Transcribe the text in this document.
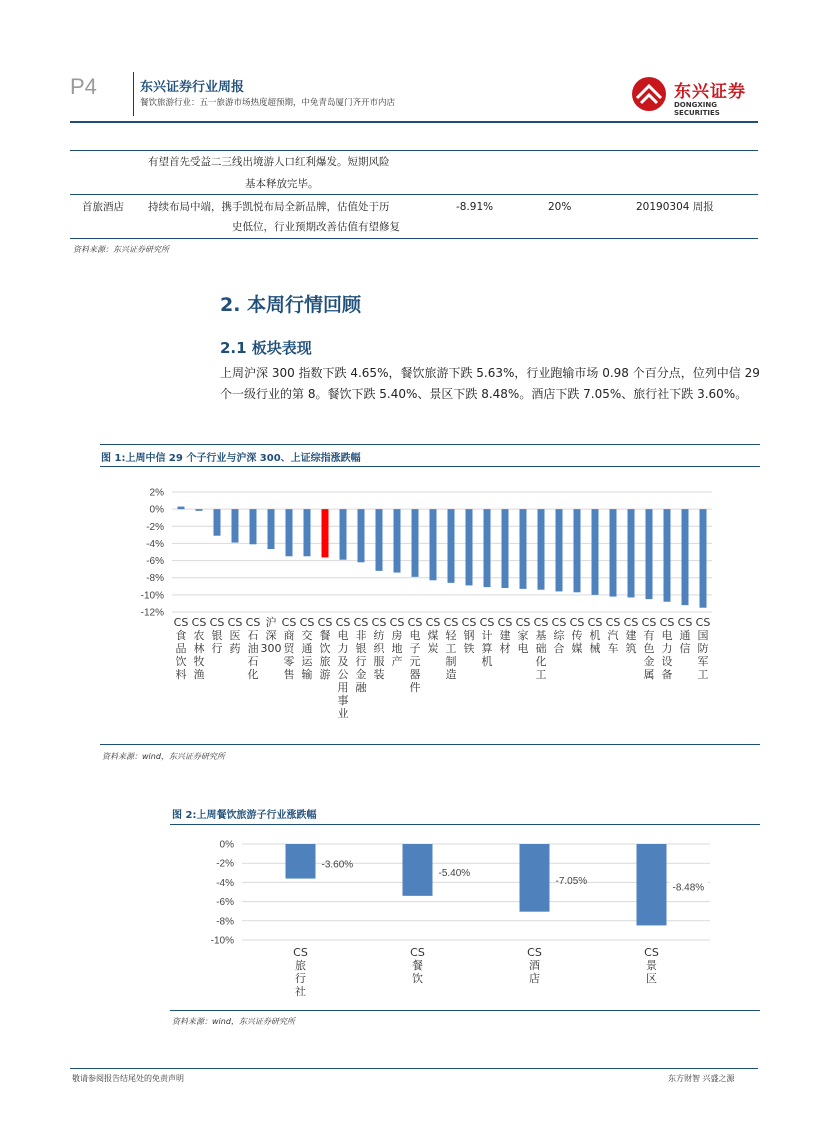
P4	东兴证券行业周报
餐饮旅游行业：五一旅游市场热度超预期，中免青岛厦门齐开市内店
东兴证券
DONGXING SECURITIES
有望首先受益二三线出境游人口红利爆发。短期风险
基本释放完毕。
首旅酒店 持续布局中端，携手凯悦布局全新品牌，估值处于历
史低位，行业预期改善估值有望修复
-8.91%	20%	20190304 周报
资料来源：东兴证券研究所
2. 本周行情回顾
2.1 板块表现
上周沪深 300 指数下跌 4.65%，餐饮旅游下跌 5.63%，行业跑输市场 0.98 个百分点，位列中信 29 个一级行业的第 8。餐饮下跌 5.40%、景区下跌 8.48%。酒店下跌 7.05%、旅行社下跌 3.60%。
图 1:上周中信 29 个子行业与沪深 300、上证综指涨跌幅
2%
0%
-2%
-4%
-6%
-8%
-10%
-12%
CS 食品饮料
CS 农林牧渔
CS 银行
CS 医药
CS 石油石化
沪深 300
CS 商贸零售
CS 交通运输
CS 餐饮旅游
CS 电力及公用事业
CS 非银行金融
CS 纺织服装
CS 房地产
CS 电子元器件
CS 煤炭
CS 轻工制造
CS 钢铁
CS 计算机
CS 建材
CS 家电
CS 基础化工
CS 综合
CS 传媒
CS 机械
CS 汽车
CS 建筑
CS 有色金属
CS 电力设备
CS 通信
CS 国防军工
资料来源：wind，东兴证券研究所
图 2:上周餐饮旅游子行业涨跌幅
0%
-2%
-4%
-6%
-8%
-10%
-3.60%
CS 旅行社
-5.40%
CS 餐饮
-7.05%
CS 酒店
-8.48%
CS 景区
资料来源：wind，东兴证券研究所
敬请参阅报告结尾处的免责声明	东方财智 兴盛之源
